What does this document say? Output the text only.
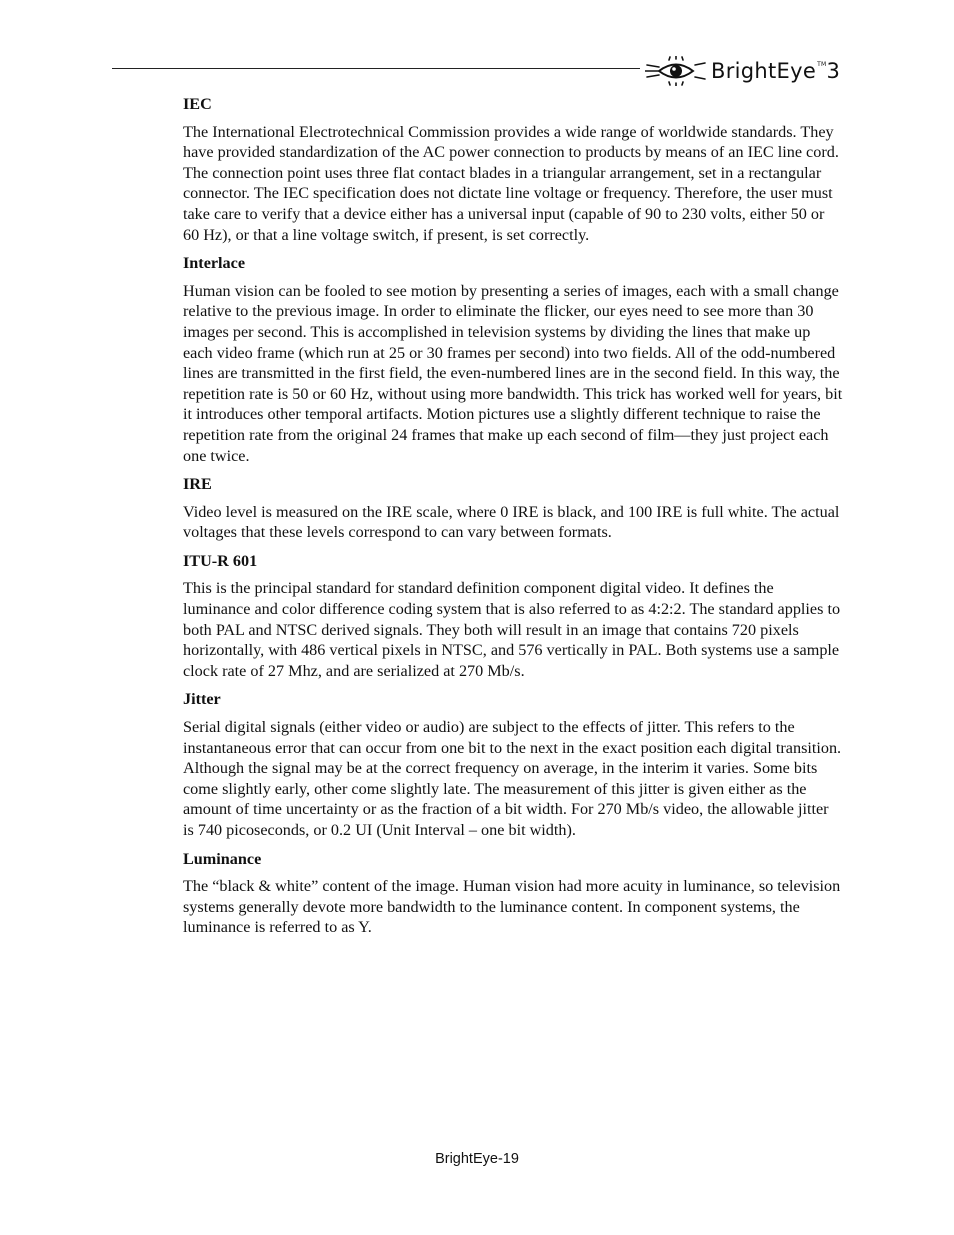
BrightEye™3
IEC
The International Electrotechnical Commission provides a wide range of worldwide standards. They have provided standardization of the AC power connection to products by means of an IEC line cord. The connection point uses three flat contact blades in a triangular arrangement, set in a rectangular connector. The IEC specification does not dictate line voltage or frequency. Therefore, the user must take care to verify that a device either has a universal input (capable of 90 to 230 volts, either 50 or 60 Hz), or that a line voltage switch, if present, is set correctly.
Interlace
Human vision can be fooled to see motion by presenting a series of images, each with a small change relative to the previous image. In order to eliminate the flicker, our eyes need to see more than 30 images per second. This is accomplished in television systems by dividing the lines that make up each video frame (which run at 25 or 30 frames per second) into two fields. All of the odd-numbered lines are transmitted in the first field, the even-numbered lines are in the second field. In this way, the repetition rate is 50 or 60 Hz, without using more bandwidth. This trick has worked well for years, bit it introduces other temporal artifacts. Motion pictures use a slightly different technique to raise the repetition rate from the original 24 frames that make up each second of film—they just project each one twice.
IRE
Video level is measured on the IRE scale, where 0 IRE is black, and 100 IRE is full white. The actual voltages that these levels correspond to can vary between formats.
ITU-R 601
This is the principal standard for standard definition component digital video. It defines the luminance and color difference coding system that is also referred to as 4:2:2. The standard applies to both PAL and NTSC derived signals. They both will result in an image that contains 720 pixels horizontally, with 486 vertical pixels in NTSC, and 576 vertically in PAL. Both systems use a sample clock rate of 27 Mhz, and are serialized at 270 Mb/s.
Jitter
Serial digital signals (either video or audio) are subject to the effects of jitter. This refers to the instantaneous error that can occur from one bit to the next in the exact position each digital transition. Although the signal may be at the correct frequency on average, in the interim it varies. Some bits come slightly early, other come slightly late. The measurement of this jitter is given either as the amount of time uncertainty or as the fraction of a bit width. For 270 Mb/s video, the allowable jitter is 740 picoseconds, or 0.2 UI (Unit Interval – one bit width).
Luminance
The “black & white” content of the image. Human vision had more acuity in luminance, so television systems generally devote more bandwidth to the luminance content. In component systems, the luminance is referred to as Y.
BrightEye-19
